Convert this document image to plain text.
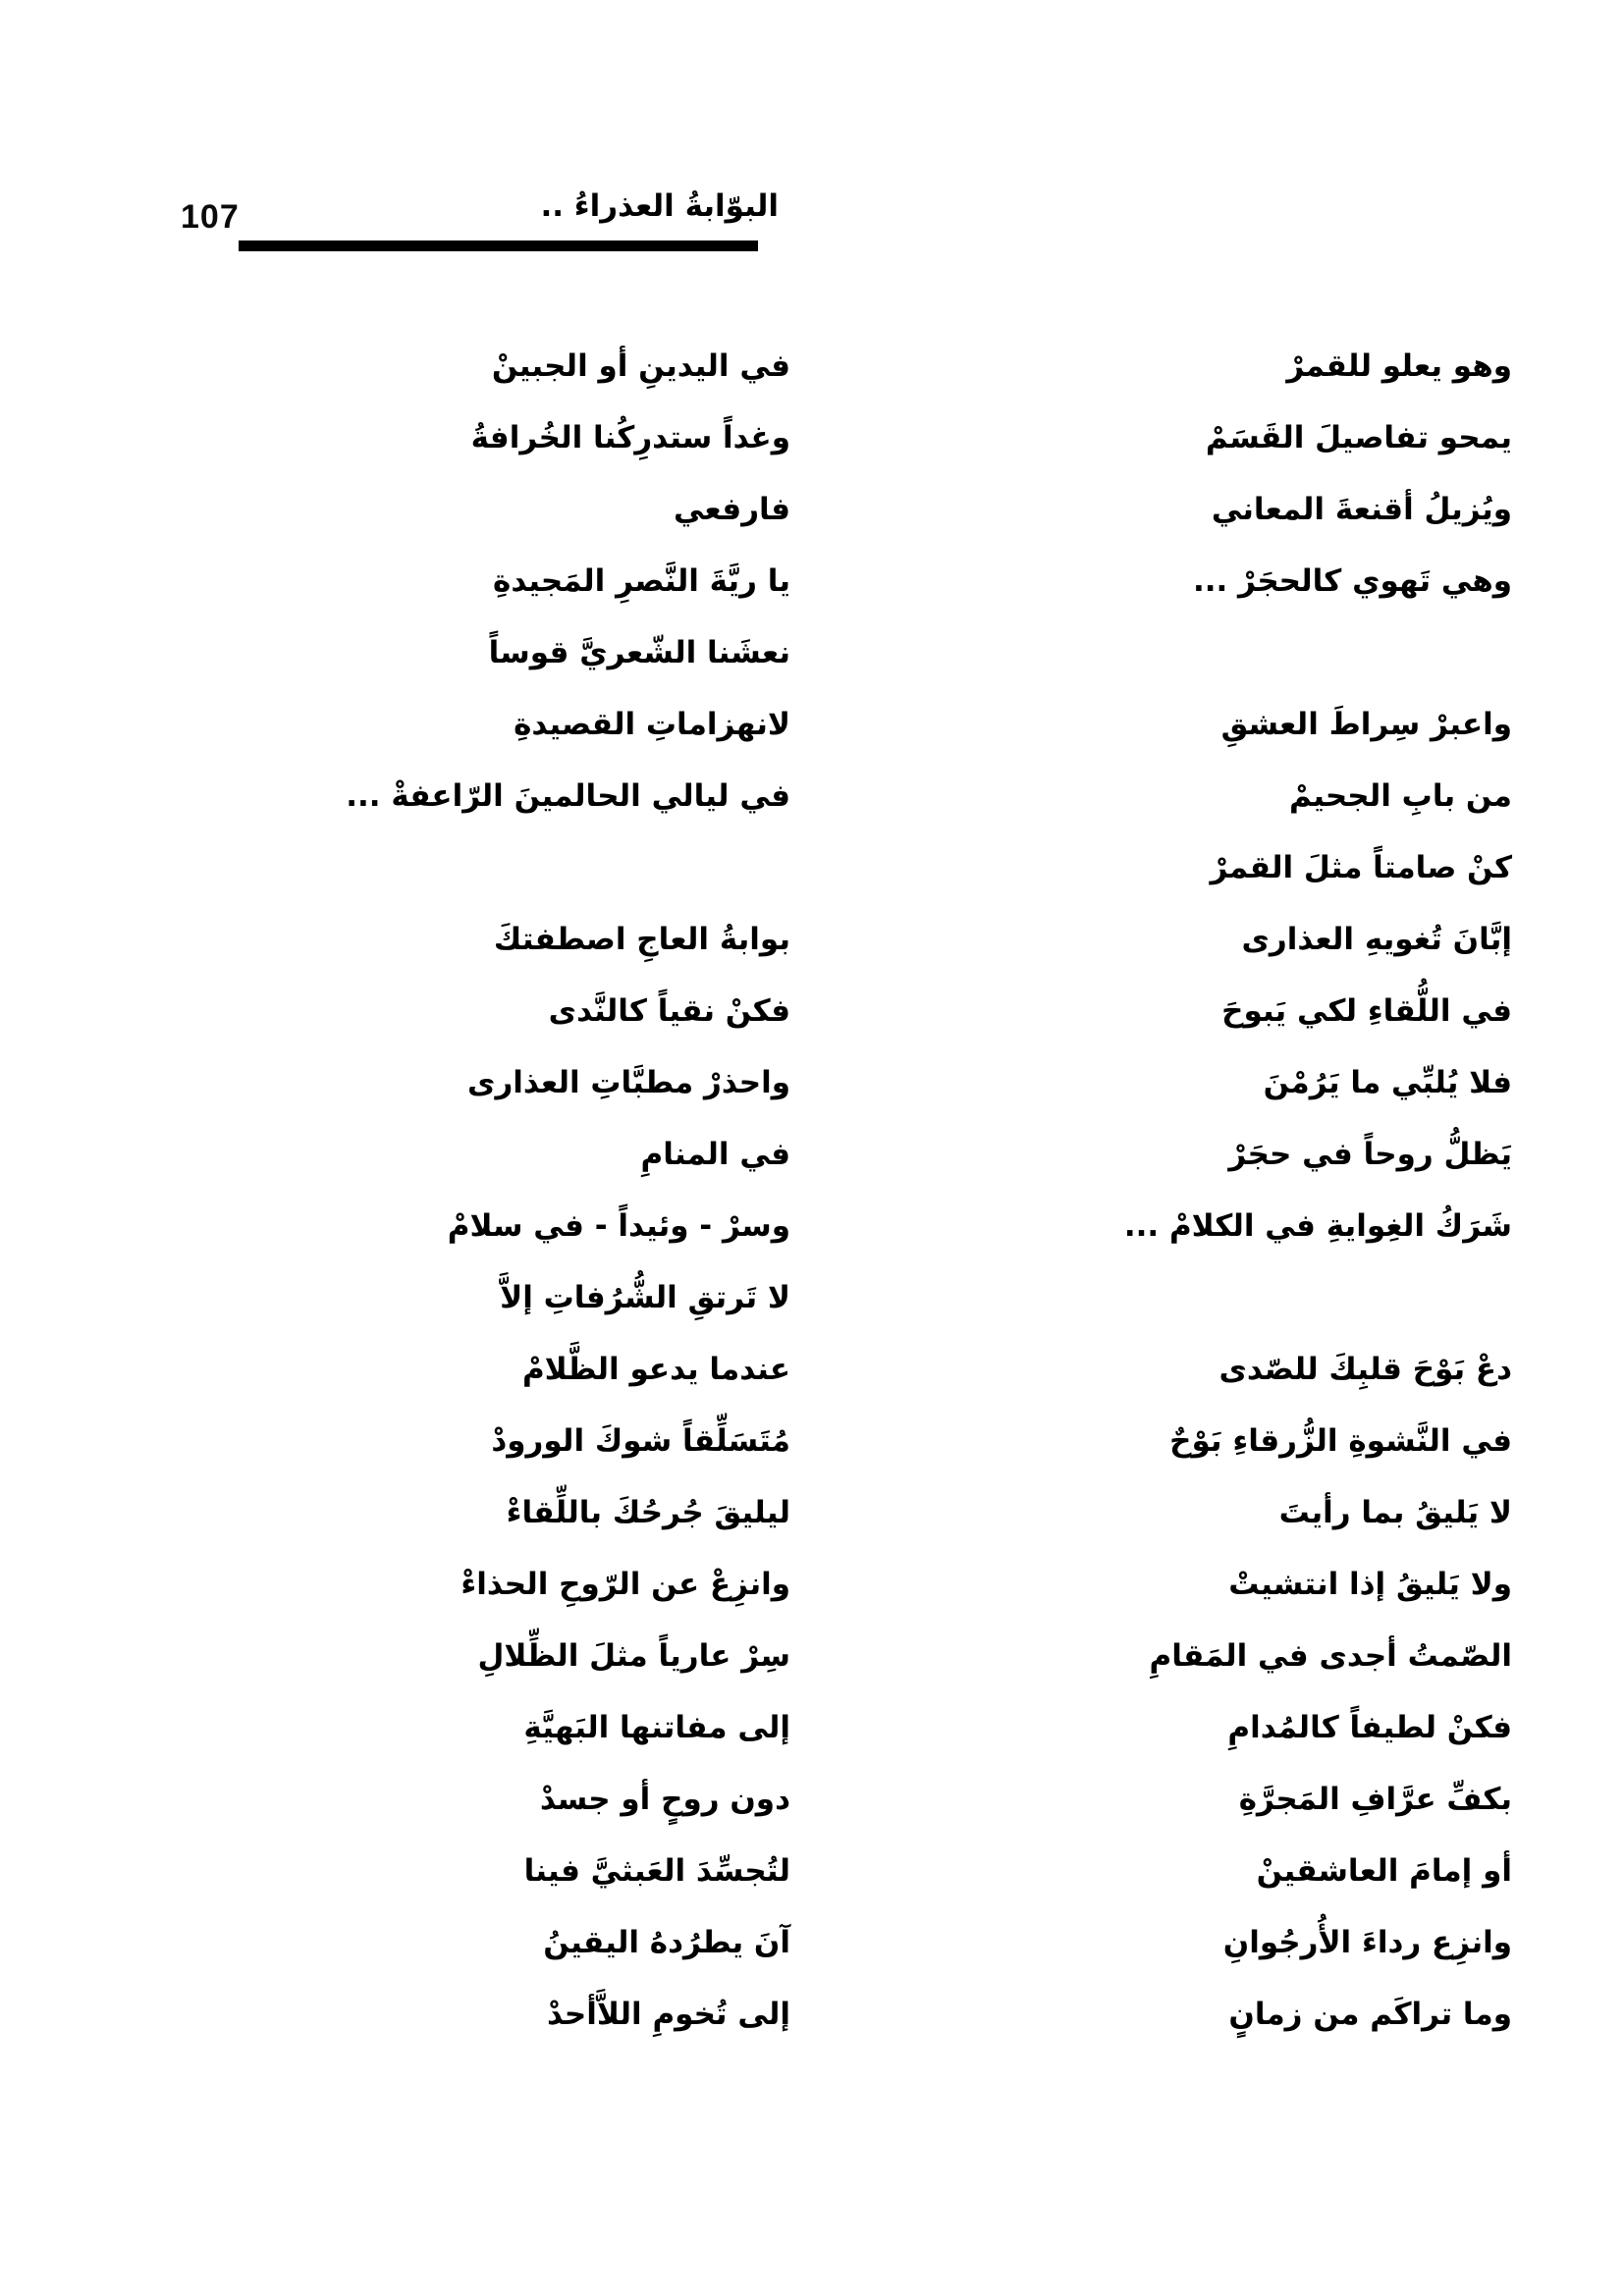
107	البوّابةُ العذراءُ ..
وهو يعلو للقمرْ
يمحو تفاصيلَ القَسَمْ
ويُزيلُ أقنعةَ المعاني
وهي تَهوي كالحجَرْ ...

واعبرْ سِراطَ العشقِ
من بابِ الجحيمْ
كنْ صامتاً مثلَ القمرْ
إبَّانَ تُغويهِ العذارى
في اللُّقاءِ لكي يَبوحَ
فلا يُلبِّي ما يَرُمْنَ
يَظلُّ روحاً في حجَرْ
شَرَكُ الغِوايةِ في الكلامْ ...

دعْ بَوْحَ قلبِكَ للصّدى
في النَّشوةِ الزُّرقاءِ بَوْحٌ
لا يَليقُ بما رأيتَ
ولا يَليقُ إذا انتشيتْ
الصّمتُ أجدى في المَقامِ
فكنْ لطيفاً كالمُدامِ
بكفِّ عرَّافِ المَجرَّةِ
أو إمامَ العاشقينْ
وانزِع رداءَ الأُرجُوانِ
وما تراكَم من زمانٍ
في اليدينِ أو الجبينْ
وغداً ستدرِكُنا الخُرافةُ
فارفعي
يا ريَّةَ النَّصرِ المَجيدةِ
نعشَنا الشّعريَّ قوساً
لانهزاماتِ القصيدةِ
في ليالي الحالمينَ الرّاعفةْ ...

بوابةُ العاجِ اصطفتكَ
فكنْ نقياً كالنَّدى
واحذرْ مطبَّاتِ العذارى
في المنامِ
وسرْ - وئيداً - في سلامْ
لا تَرتقِ الشُّرُفاتِ إلاَّ
عندما يدعو الظَّلامْ
مُتَسَلِّقاً شوكَ الورودْ
ليليقَ جُرحُكَ باللِّقاءْ
وانزِعْ عن الرّوحِ الحذاءْ
سِرْ عارياً مثلَ الظِّلالِ
إلى مفاتنها البَهيَّةِ
دون روحٍ أو جسدْ
لتُجسِّدَ العَبثيَّ فينا
آنَ يطرُدهُ اليقينُ
إلى تُخومِ اللاَّأحدْ
